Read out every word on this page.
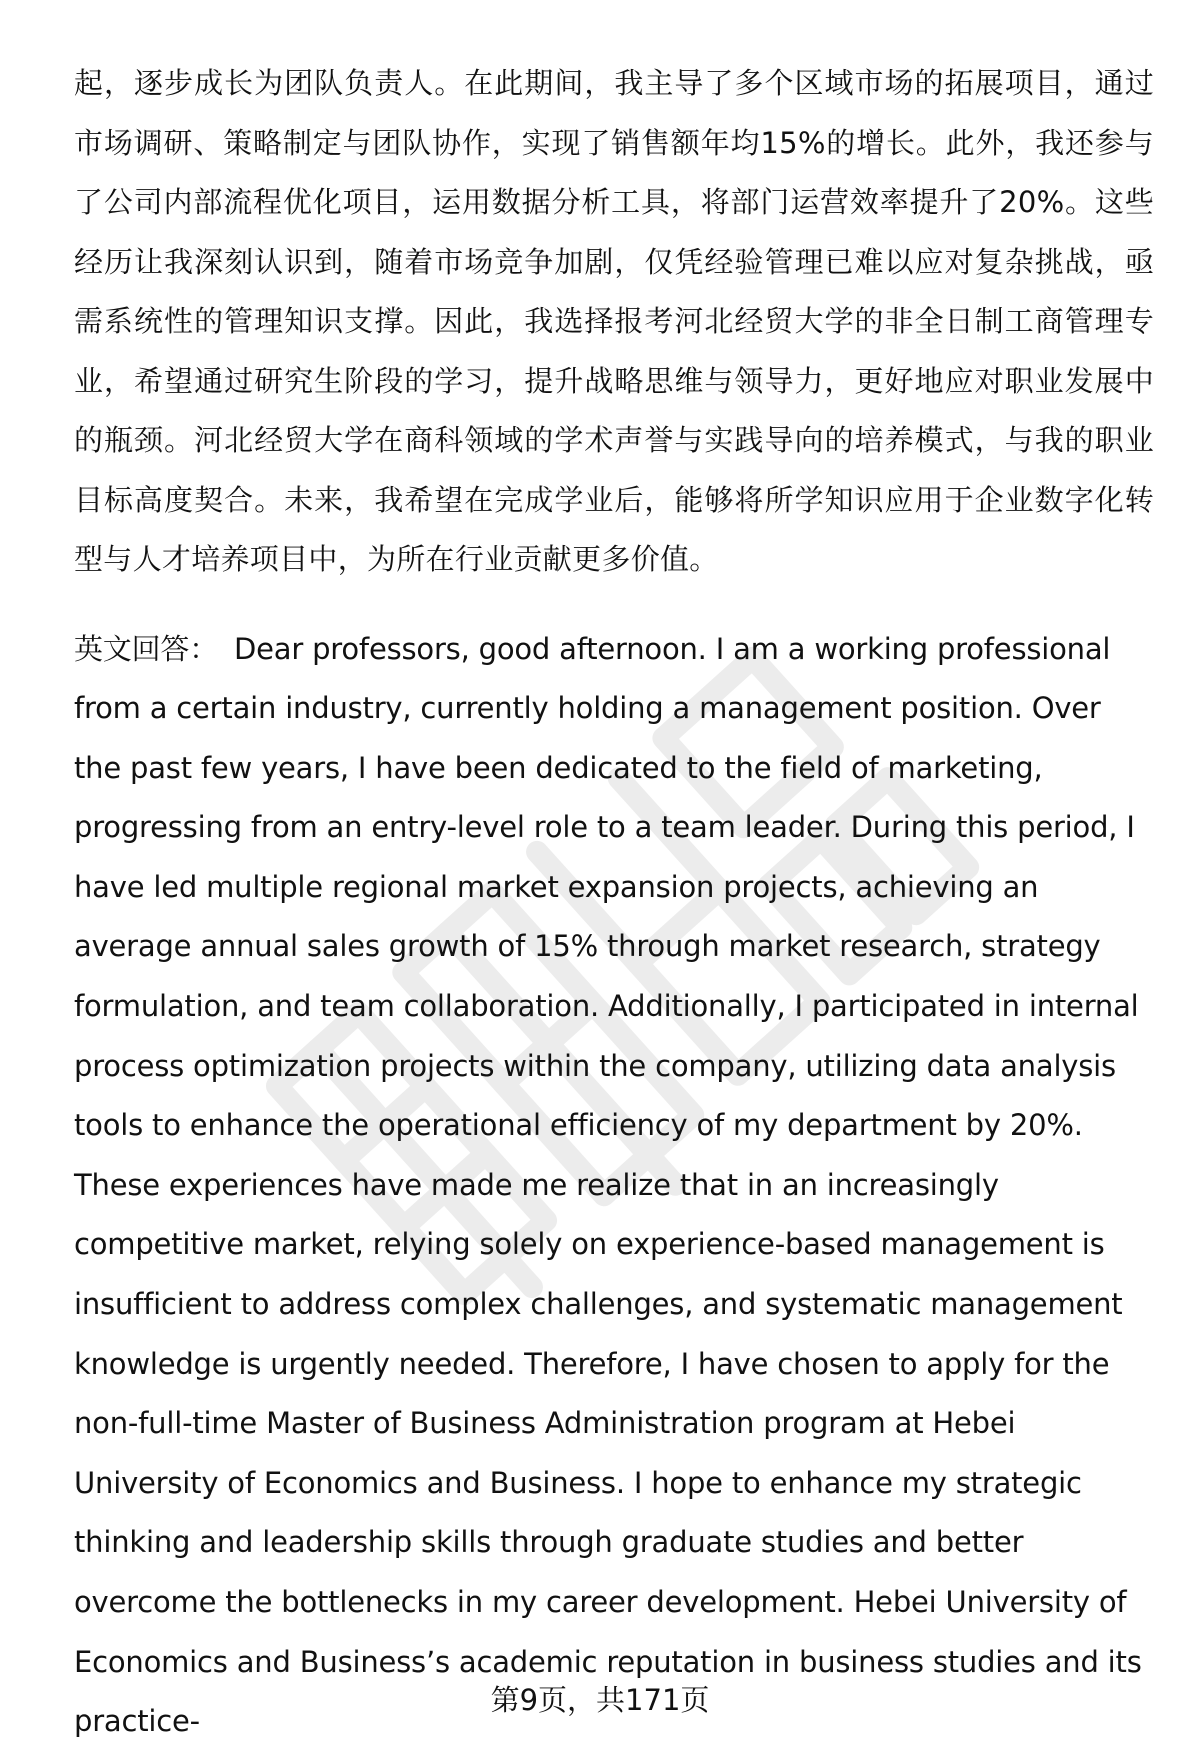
起，逐步成长为团队负责人。在此期间，我主导了多个区域市场的拓展项目，通过市场调研、策略制定与团队协作，实现了销售额年均15%的增长。此外，我还参与了公司内部流程优化项目，运用数据分析工具，将部门运营效率提升了20%。这些经历让我深刻认识到，随着市场竞争加剧，仅凭经验管理已难以应对复杂挑战，亟需系统性的管理知识支撑。因此，我选择报考河北经贸大学的非全日制工商管理专业，希望通过研究生阶段的学习，提升战略思维与领导力，更好地应对职业发展中的瓶颈。河北经贸大学在商科领域的学术声誉与实践导向的培养模式，与我的职业目标高度契合。未来，我希望在完成学业后，能够将所学知识应用于企业数字化转型与人才培养项目中，为所在行业贡献更多价值。

英文回答： Dear professors, good afternoon. I am a working professional from a certain industry, currently holding a management position. Over the past few years, I have been dedicated to the field of marketing, progressing from an entry-level role to a team leader. During this period, I have led multiple regional market expansion projects, achieving an average annual sales growth of 15% through market research, strategy formulation, and team collaboration. Additionally, I participated in internal process optimization projects within the company, utilizing data analysis tools to enhance the operational efficiency of my department by 20%. These experiences have made me realize that in an increasingly competitive market, relying solely on experience-based management is insufficient to address complex challenges, and systematic management knowledge is urgently needed. Therefore, I have chosen to apply for the non-full-time Master of Business Administration program at Hebei University of Economics and Business. I hope to enhance my strategic thinking and leadership skills through graduate studies and better overcome the bottlenecks in my career development. Hebei University of Economics and Business’s academic reputation in business studies and its practice-

第9页，共171页
